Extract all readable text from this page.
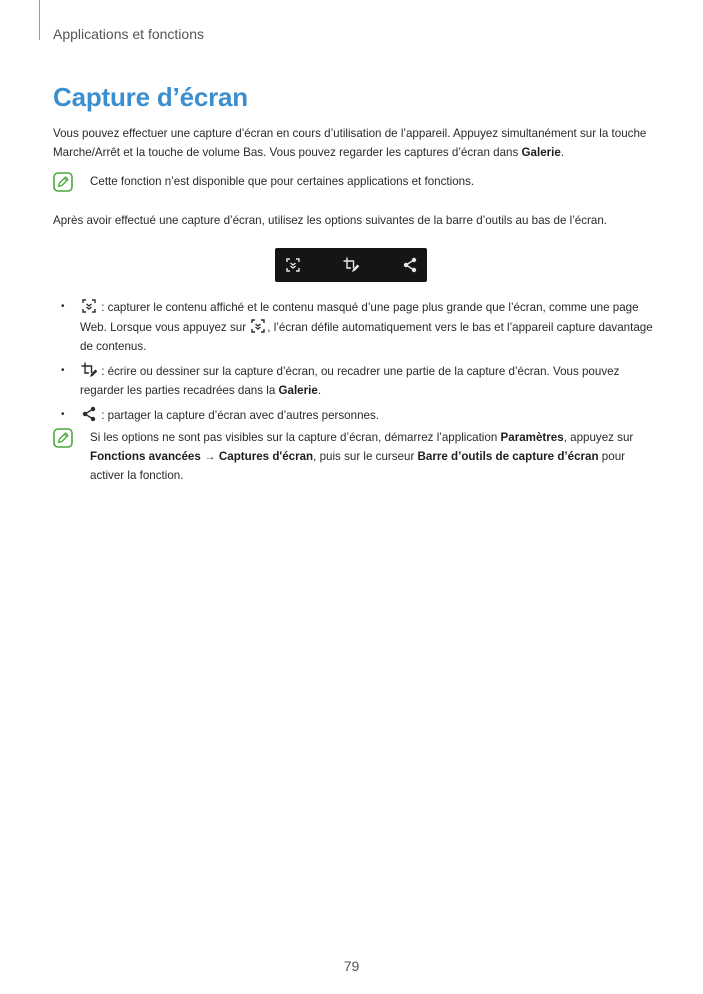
Applications et fonctions
Capture d’écran

Vous pouvez effectuer une capture d’écran en cours d’utilisation de l’appareil. Appuyez simultanément sur la touche Marche/Arrêt et la touche de volume Bas. Vous pouvez regarder les captures d’écran dans Galerie.

Cette fonction n’est disponible que pour certaines applications et fonctions.

Après avoir effectué une capture d’écran, utilisez les options suivantes de la barre d’outils au bas de l’écran.

•	: capturer le contenu affiché et le contenu masqué d’une page plus grande que l’écran, comme une page Web. Lorsque vous appuyez sur , l’écran défile automatiquement vers le bas et l’appareil capture davantage de contenus.
•	: écrire ou dessiner sur la capture d’écran, ou recadrer une partie de la capture d’écran. Vous pouvez regarder les parties recadrées dans la Galerie.
•	: partager la capture d’écran avec d’autres personnes.

Si les options ne sont pas visibles sur la capture d’écran, démarrez l’application Paramètres, appuyez sur Fonctions avancées → Captures d'écran, puis sur le curseur Barre d’outils de capture d’écran pour activer la fonction.

79
